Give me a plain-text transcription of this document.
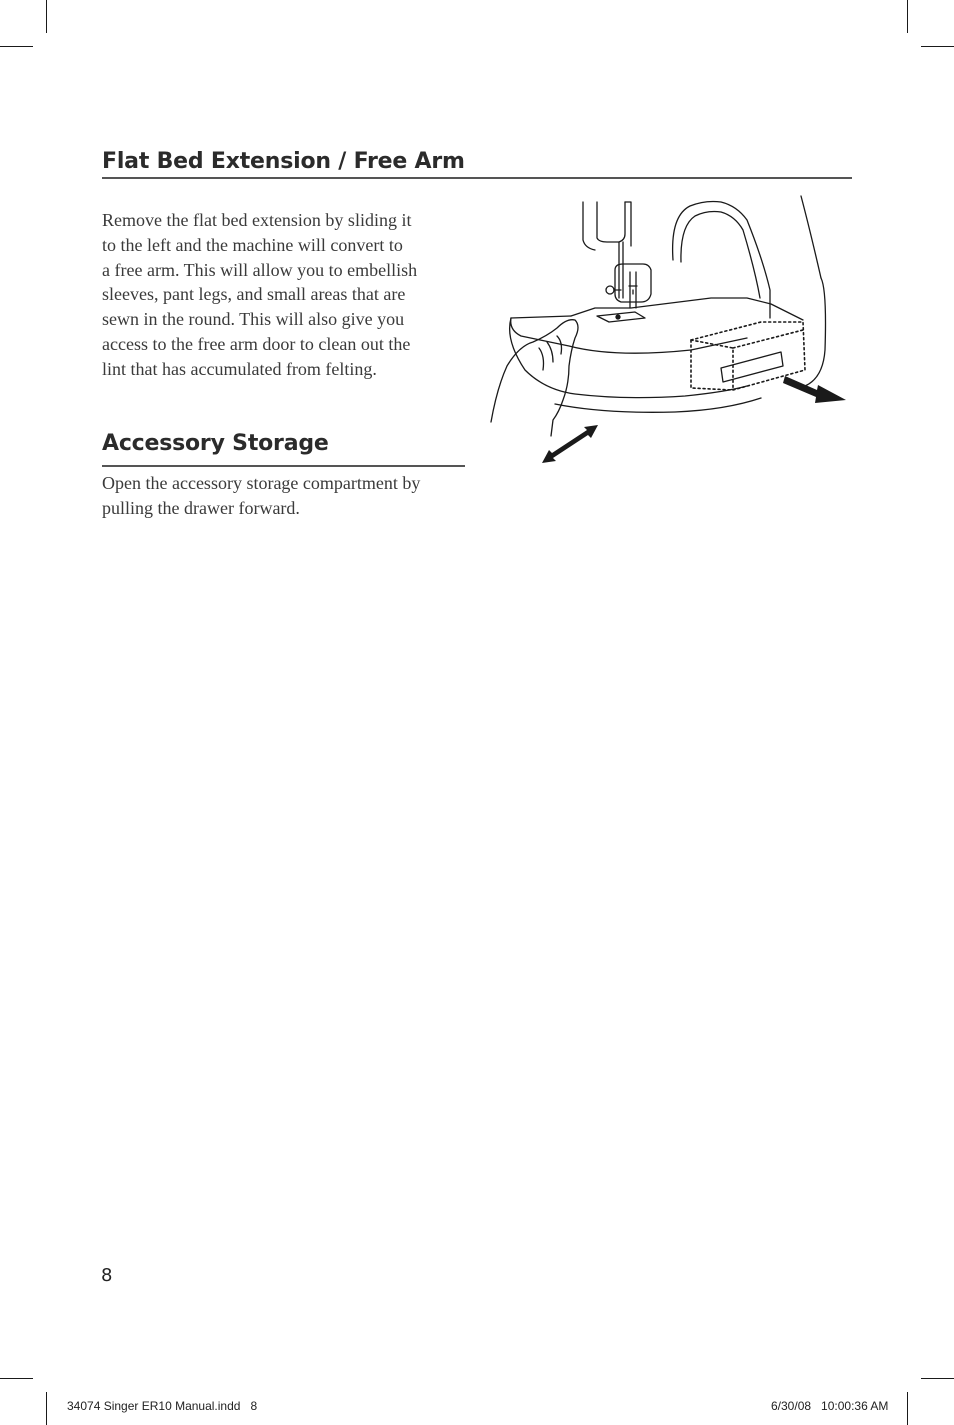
Flat Bed Extension / Free Arm
Remove the flat bed extension by sliding it
to the left and the machine will convert to
a free arm. This will allow you to embellish
sleeves, pant legs, and small areas that are
sewn in the round. This will also give you
access to the free arm door to clean out the
lint that has accumulated from felting.
Accessory Storage
Open the accessory storage compartment by
pulling the drawer forward.
8
34074 Singer ER10 Manual.indd   8	6/30/08   10:00:36 AM
